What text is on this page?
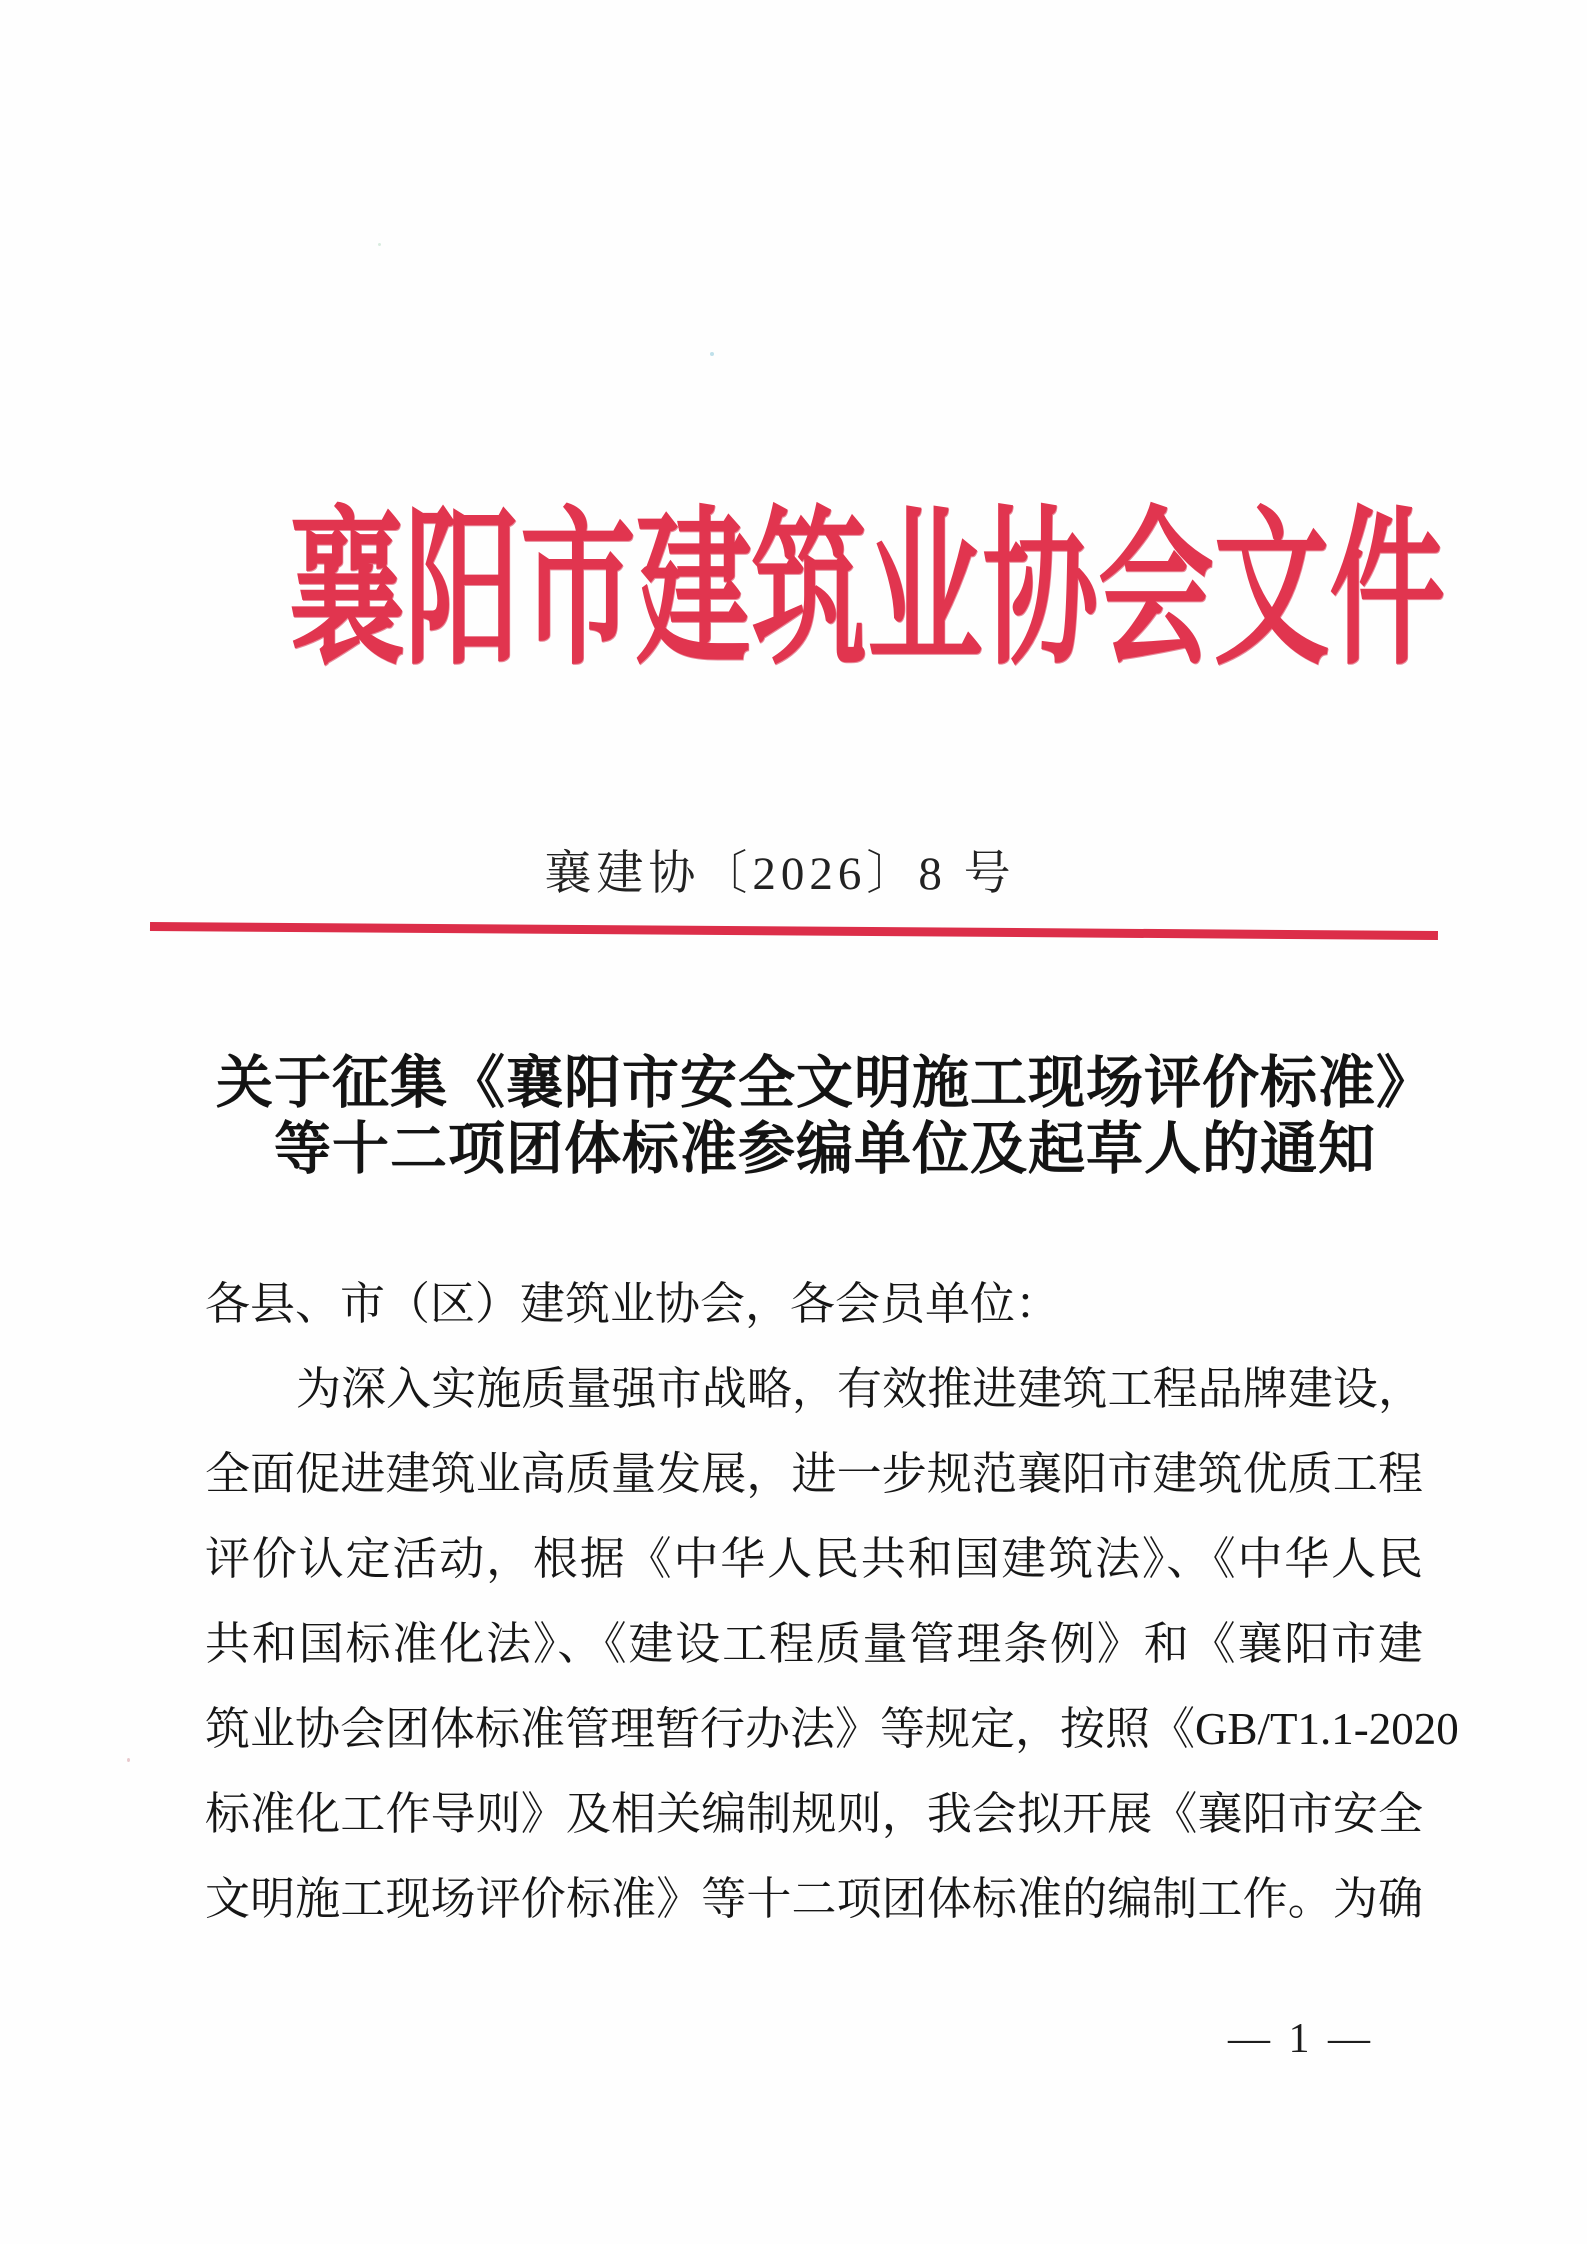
襄阳市建筑业协会文件
襄建协〔2026〕8 号
关于征集《襄阳市安全文明施工现场评价标准》
等十二项团体标准参编单位及起草人的通知
各县、市（区）建筑业协会，各会员单位：
为深入实施质量强市战略，有效推进建筑工程品牌建设，
全面促进建筑业高质量发展，进一步规范襄阳市建筑优质工程
评价认定活动，根据《中华人民共和国建筑法》、《中华人民
共和国标准化法》、《建设工程质量管理条例》和《襄阳市建
筑业协会团体标准管理暂行办法》等规定，按照《GB/T1.1-2020
标准化工作导则》及相关编制规则，我会拟开展《襄阳市安全
文明施工现场评价标准》等十二项团体标准的编制工作。为确
— 1 —
